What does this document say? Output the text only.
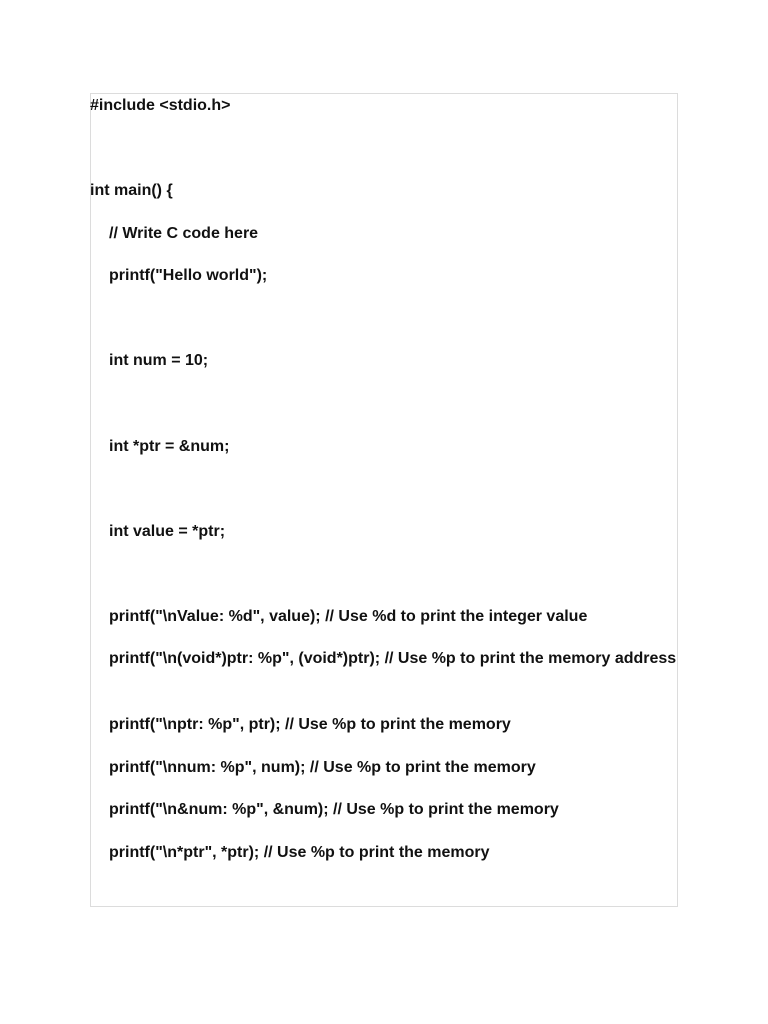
#include <stdio.h>

int main() {

// Write C code here

printf("Hello world");

int num = 10;

int *ptr = &num;

int value = *ptr;

printf("\nValue: %d", value); // Use %d to print the integer value

printf("\n(void*)ptr: %p", (void*)ptr); // Use %p to print the memory address

printf("\nptr: %p", ptr); // Use %p to print the memory

printf("\nnum: %p", num); // Use %p to print the memory

printf("\n&num: %p", &num); // Use %p to print the memory

printf("\n*ptr", *ptr); // Use %p to print the memory
